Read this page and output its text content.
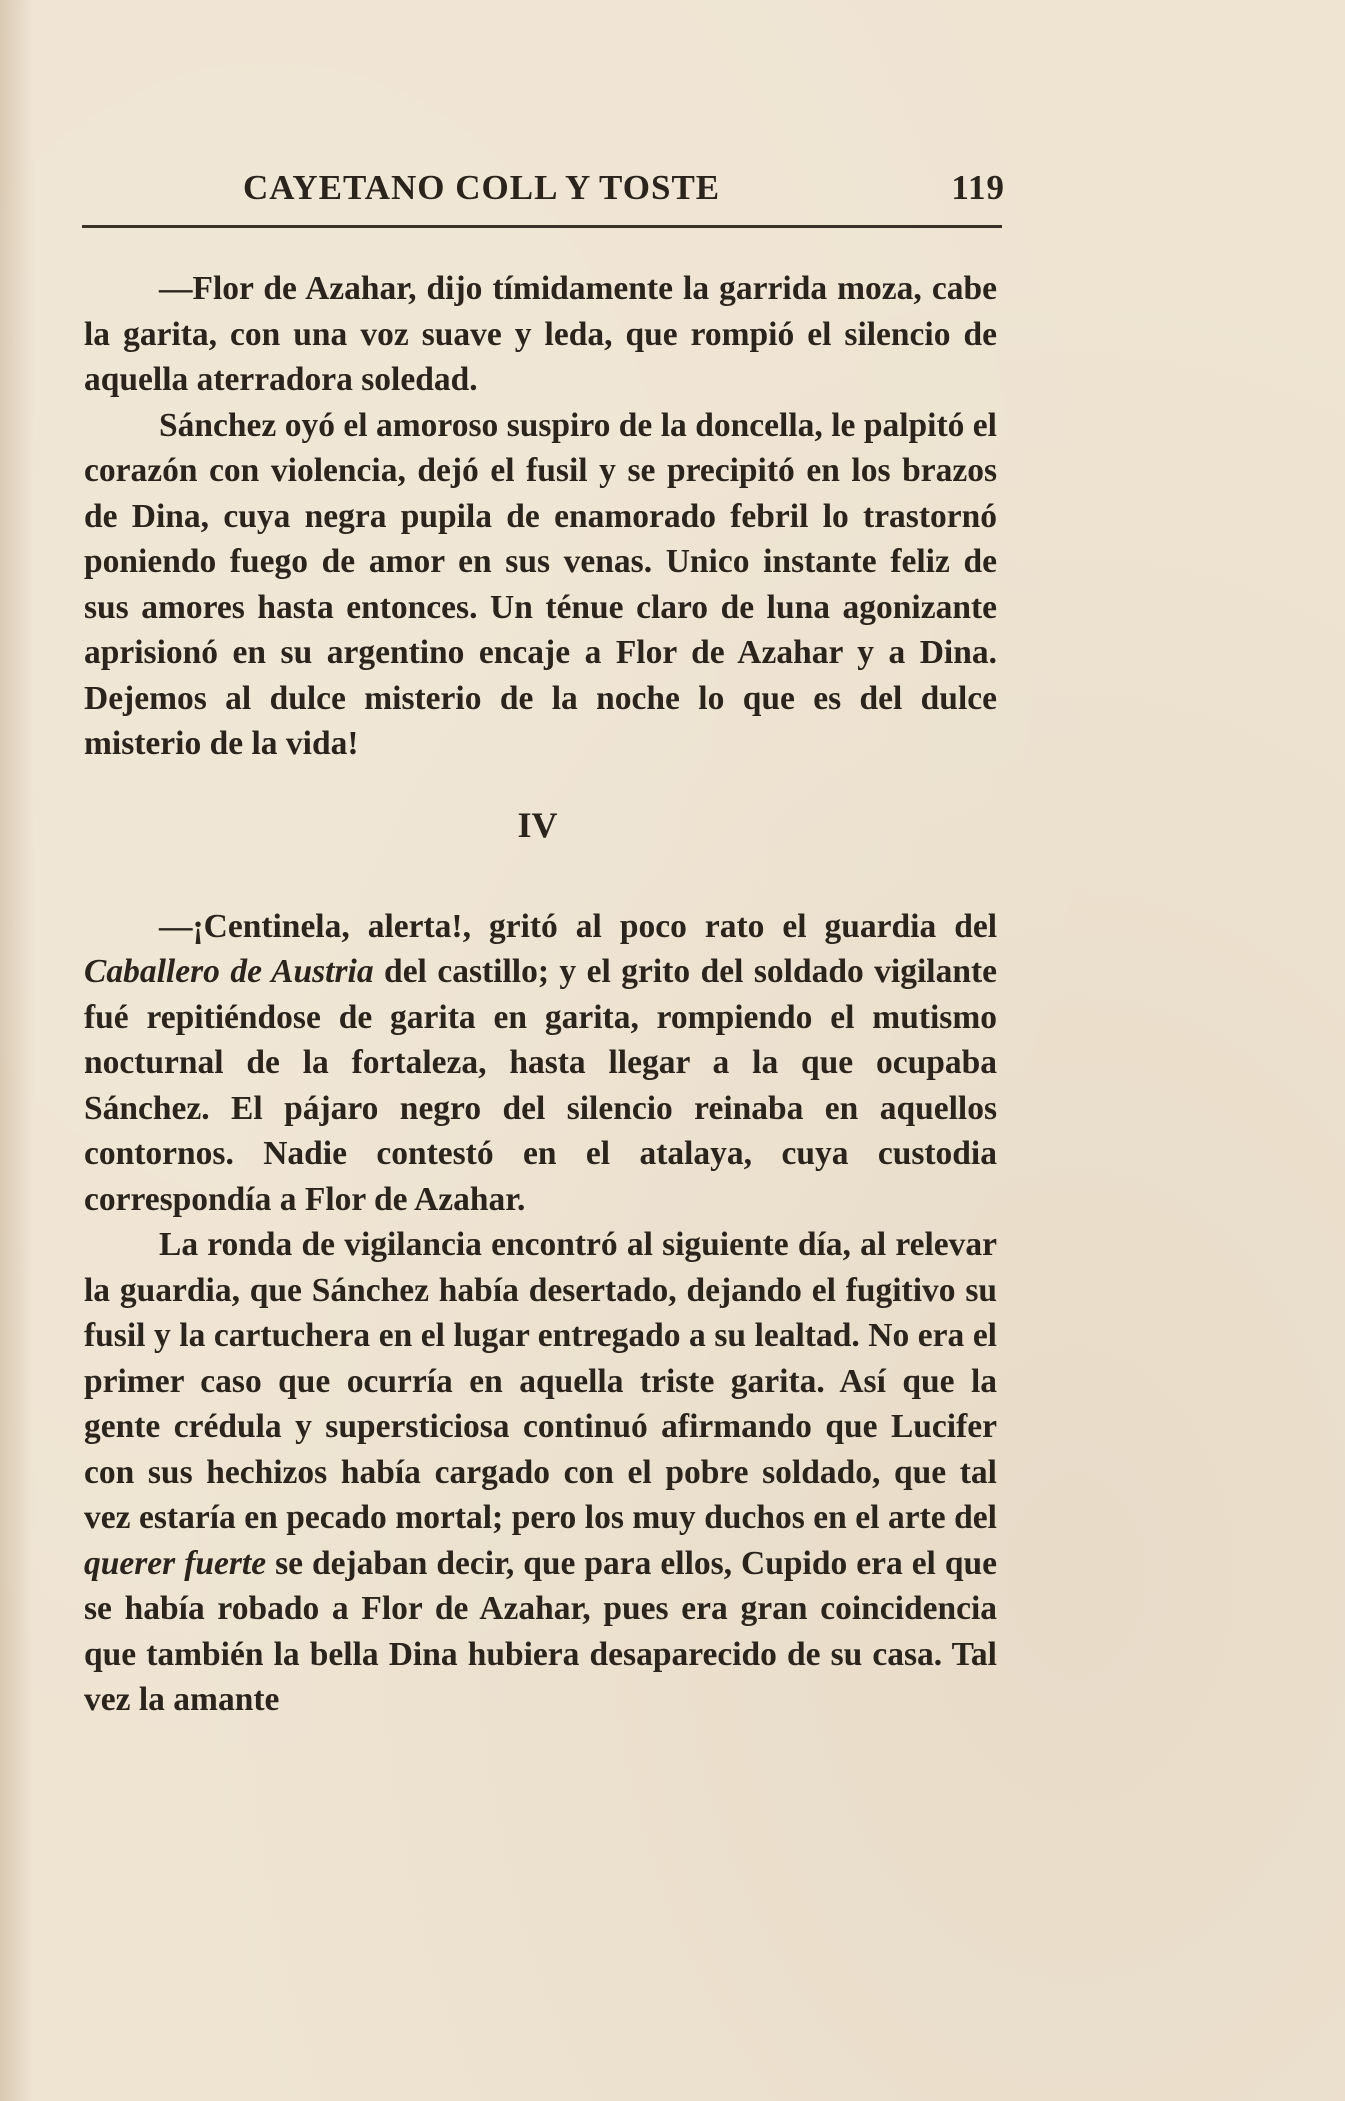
CAYETANO COLL Y TOSTE	119

—Flor de Azahar, dijo tímidamente la garrida moza, cabe la garita, con una voz suave y leda, que rompió el silencio de aquella aterradora soledad.

Sánchez oyó el amoroso suspiro de la doncella, le palpitó el corazón con violencia, dejó el fusil y se precipitó en los brazos de Dina, cuya negra pupila de enamorado febril lo trastornó poniendo fuego de amor en sus venas. Unico instante feliz de sus amores hasta entonces. Un ténue claro de luna agonizante aprisionó en su argentino encaje a Flor de Azahar y a Dina. Dejemos al dulce misterio de la noche lo que es del dulce misterio de la vida!

IV

—¡Centinela, alerta!, gritó al poco rato el guardia del Caballero de Austria del castillo; y el grito del soldado vigilante fué repitiéndose de garita en garita, rompiendo el mutismo nocturnal de la fortaleza, hasta llegar a la que ocupaba Sánchez. El pájaro negro del silencio reinaba en aquellos contornos. Nadie contestó en el atalaya, cuya custodia correspondía a Flor de Azahar.

La ronda de vigilancia encontró al siguiente día, al relevar la guardia, que Sánchez había desertado, dejando el fugitivo su fusil y la cartuchera en el lugar entregado a su lealtad. No era el primer caso que ocurría en aquella triste garita. Así que la gente crédula y supersticiosa continuó afirmando que Lucifer con sus hechizos había cargado con el pobre soldado, que tal vez estaría en pecado mortal; pero los muy duchos en el arte del querer fuerte se dejaban decir, que para ellos, Cupido era el que se había robado a Flor de Azahar, pues era gran coincidencia que también la bella Dina hubiera desaparecido de su casa. Tal vez la amante
